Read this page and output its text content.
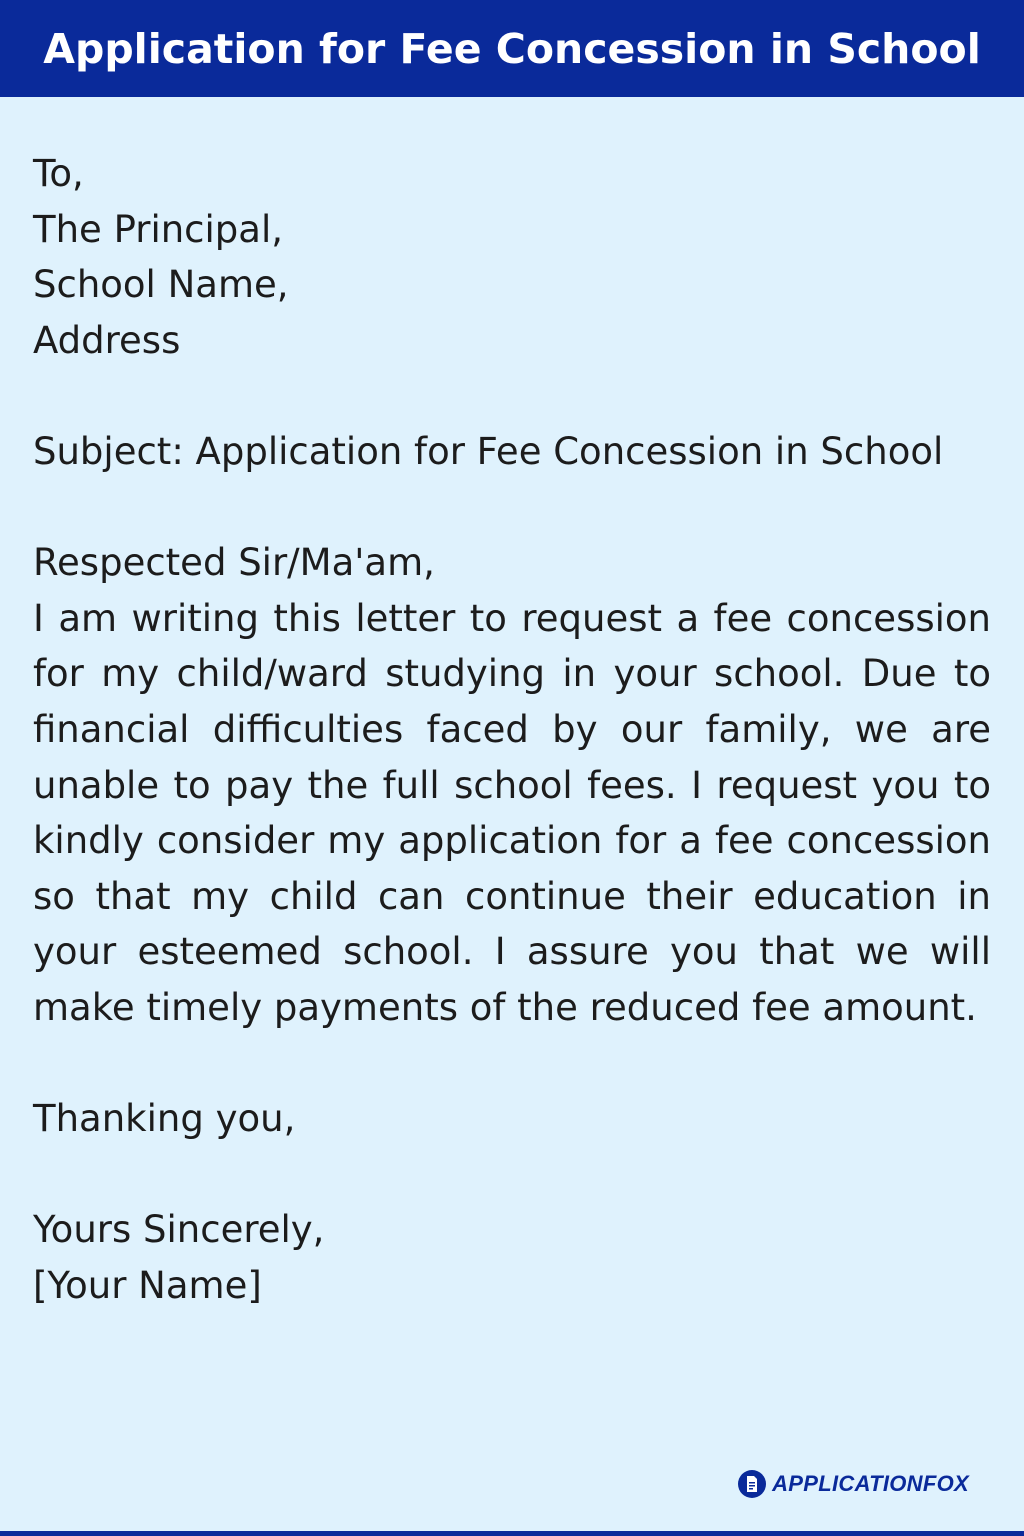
Application for Fee Concession in School
To,
The Principal,
School Name,
Address
Subject: Application for Fee Concession in School
Respected Sir/Ma'am,
I am writing this letter to request a fee concession for my child/ward studying in your school. Due to financial difficulties faced by our family, we are unable to pay the full school fees. I request you to kindly consider my application for a fee concession so that my child can continue their education in your esteemed school. I assure you that we will make timely payments of the reduced fee amount.
Thanking you,
Yours Sincerely,
[Your Name]
APPLICATIONFOX
